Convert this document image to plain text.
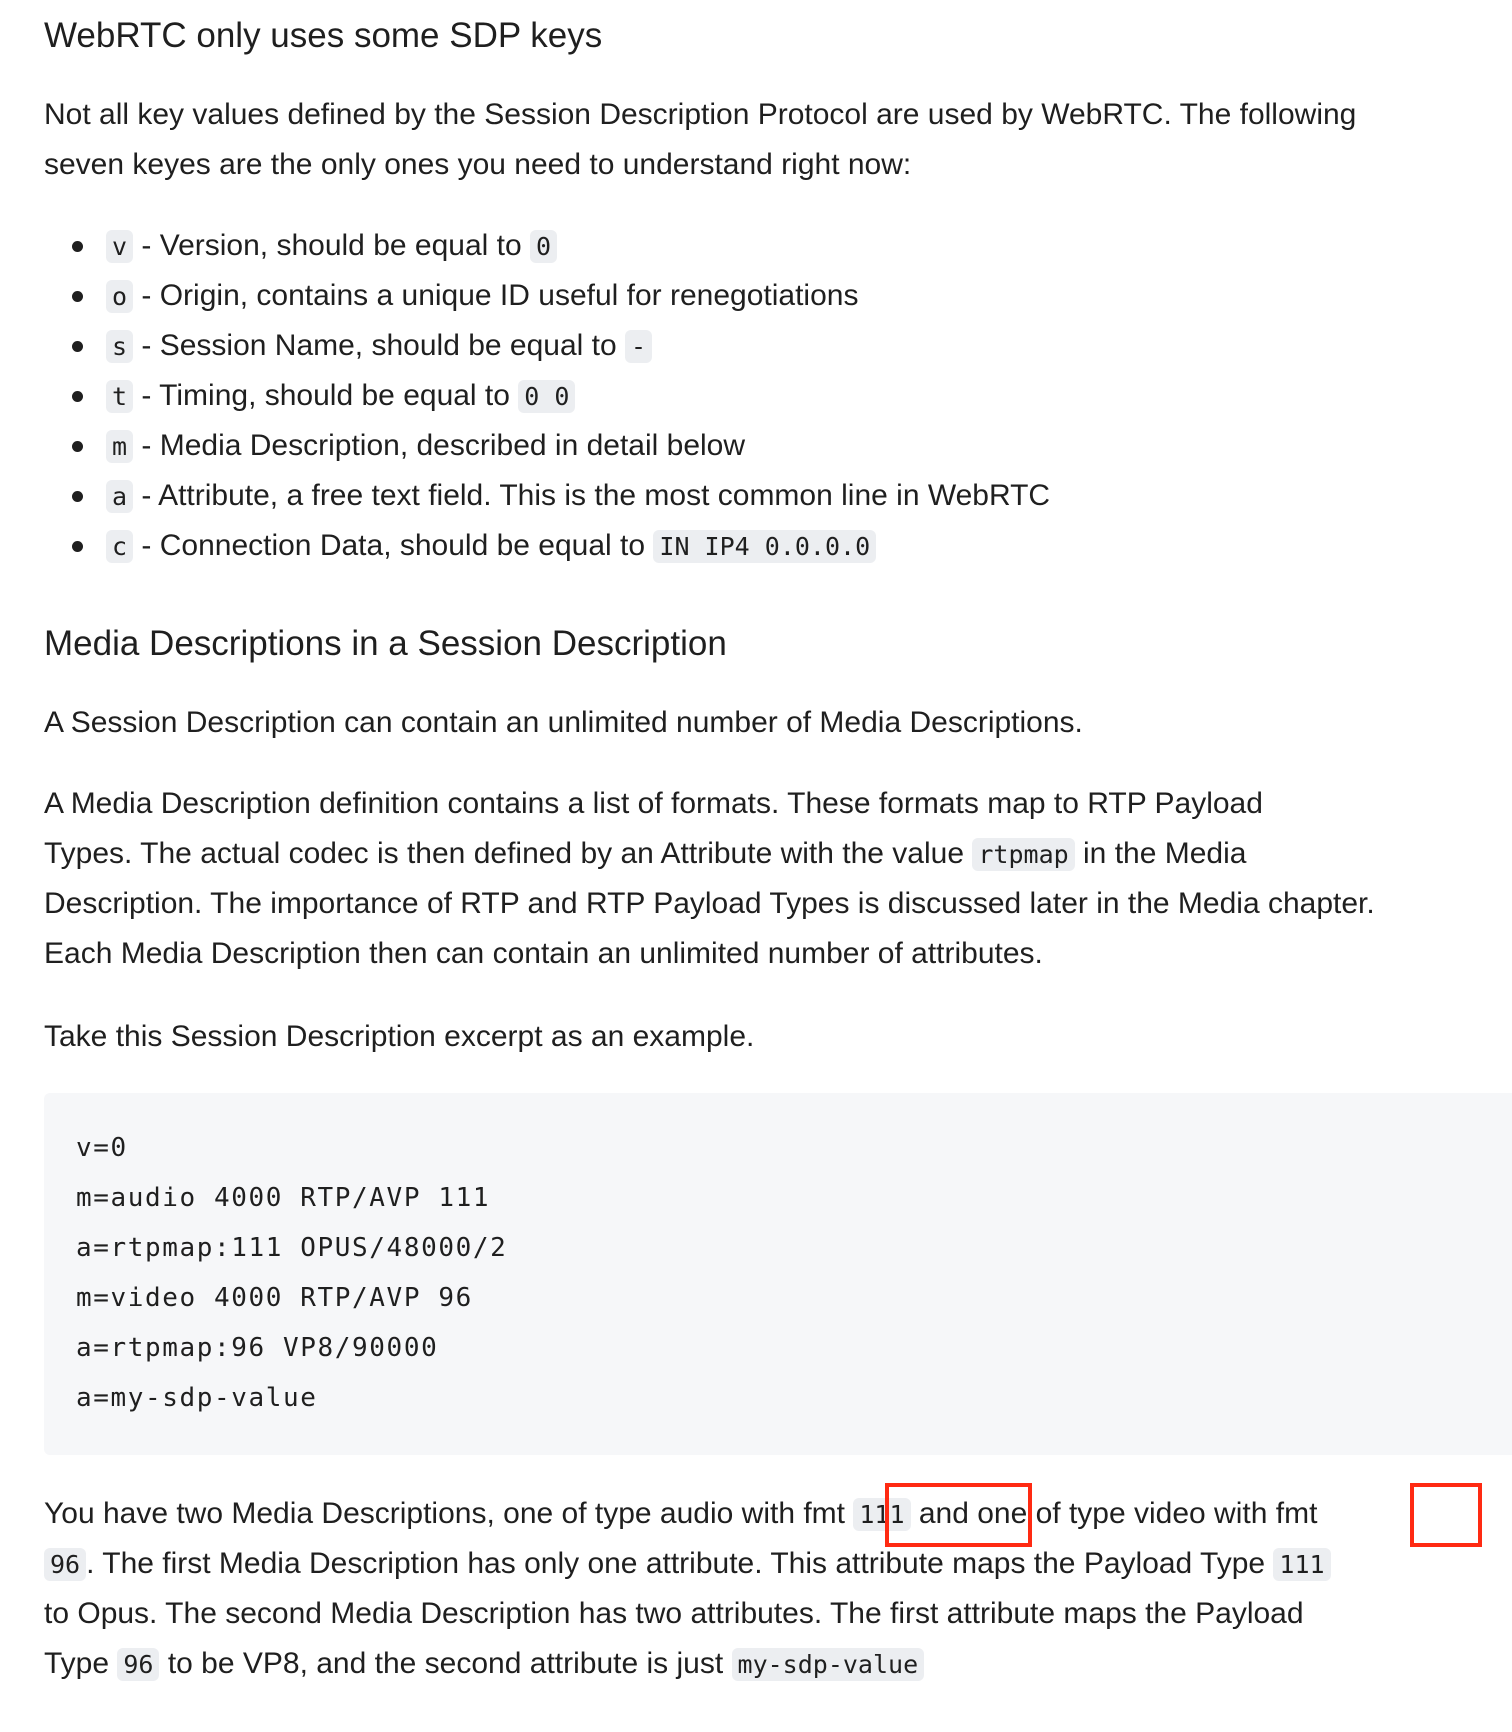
WebRTC only uses some SDP keys
Not all key values defined by the Session Description Protocol are used by WebRTC. The following
seven keyes are the only ones you need to understand right now:
v - Version, should be equal to 0
o - Origin, contains a unique ID useful for renegotiations
s - Session Name, should be equal to -
t - Timing, should be equal to 0 0
m - Media Description, described in detail below
a - Attribute, a free text field. This is the most common line in WebRTC
c - Connection Data, should be equal to IN IP4 0.0.0.0
Media Descriptions in a Session Description
A Session Description can contain an unlimited number of Media Descriptions.
A Media Description definition contains a list of formats. These formats map to RTP Payload
Types. The actual codec is then defined by an Attribute with the value rtpmap in the Media
Description. The importance of RTP and RTP Payload Types is discussed later in the Media chapter.
Each Media Description then can contain an unlimited number of attributes.
Take this Session Description excerpt as an example.
v=0
m=audio 4000 RTP/AVP 111
a=rtpmap:111 OPUS/48000/2
m=video 4000 RTP/AVP 96
a=rtpmap:96 VP8/90000
a=my-sdp-value
You have two Media Descriptions, one of type audio with fmt 111 and one of type video with fmt
96 . The first Media Description has only one attribute. This attribute maps the Payload Type 111
to Opus. The second Media Description has two attributes. The first attribute maps the Payload
Type 96 to be VP8, and the second attribute is just my-sdp-value
